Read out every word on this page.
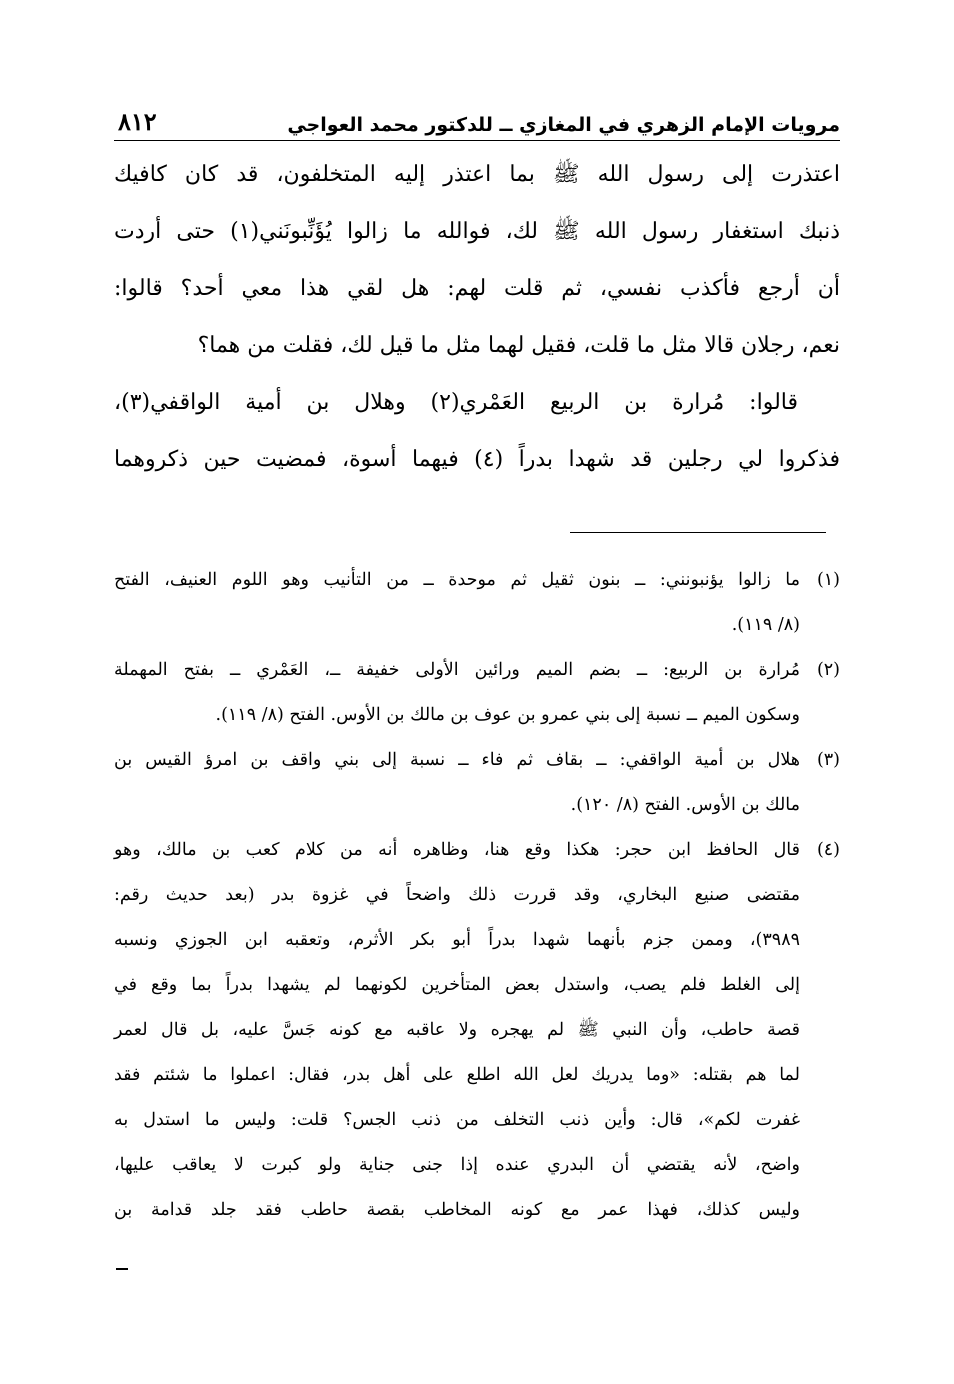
٨١٢	مرويات الإمام الزهري في المغازي ــ للدكتور محمد العواجي

اعتذرت إلى رسول الله ﷺ بما اعتذر إليه المتخلفون، قد كان كافيك

ذنبك استغفار رسول الله ﷺ لك، فوالله ما زالوا يُؤَنِّبونَني(١) حتى أردت

أن أرجع فأكذب نفسي، ثم قلت لهم: هل لقي هذا معي أحد؟ قالوا:

نعم، رجلان قالا مثل ما قلت، فقيل لهما مثل ما قيل لك، فقلت من هما؟

قالوا: مُرارة بن الربيع العَمْري(٢) وهلال بن أمية الواقفي(٣)،

فذكروا لي رجلين قد شهدا بدراً (٤) فيهما أسوة، فمضيت حين ذكروهما

(١)
ما زالوا يؤنبونني: ــ بنون ثقيل ثم موحدة ــ من التأنيب وهو اللوم العنيف، الفتح
(٨/ ١١٩).
(٢)
مُرارة بن الربيع: ــ بضم الميم ورائين الأولى خفيفة ــ، العَمْري ــ بفتح المهملة
وسكون الميم ــ نسبة إلى بني عمرو بن عوف بن مالك بن الأوس. الفتح (٨/ ١١٩).
(٣)
هلال بن أمية الواقفي: ــ بقاف ثم فاء ــ نسبة إلى بني واقف بن امرؤ القيس بن
مالك بن الأوس. الفتح (٨/ ١٢٠).
(٤)
قال الحافظ ابن حجر: هكذا وقع هنا، وظاهره أنه من كلام كعب بن مالك، وهو
مقتضى صنيع البخاري، وقد قررت ذلك واضحاً في غزوة بدر (بعد حديث رقم:
٣٩٨٩)، وممن جزم بأنهما شهدا بدراً أبو بكر الأثرم، وتعقبه ابن الجوزي ونسبه
إلى الغلط فلم يصب، واستدل بعض المتأخرين لكونهما لم يشهدا بدراً بما وقع في
قصة حاطب، وأن النبي ﷺ لم يهجره ولا عاقبه مع كونه جَسَّ عليه، بل قال لعمر
لما هم بقتله: «وما يدريك لعل الله اطلع على أهل بدر، فقال: اعملوا ما شئتم فقد
غفرت لكم»، قال: وأين ذنب التخلف من ذنب الجس؟ قلت: وليس ما استدل به
واضح، لأنه يقتضي أن البدري عنده إذا جنى جناية ولو كبرت لا يعاقب عليها،
وليس كذلك، فهذا عمر مع كونه المخاطب بقصة حاطب فقد جلد قدامة بن
